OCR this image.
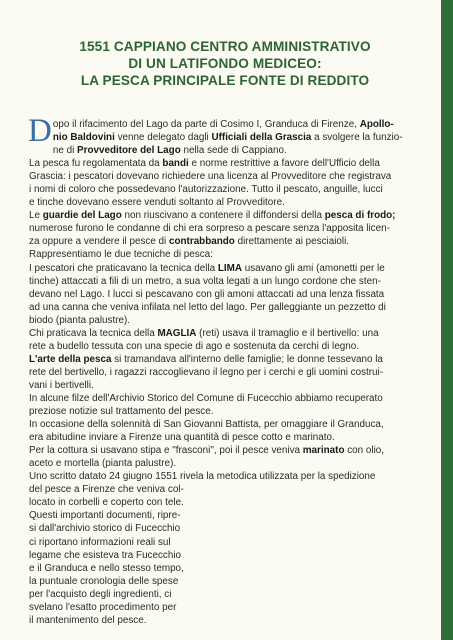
1551 CAPPIANO CENTRO AMMINISTRATIVO
DI UN LATIFONDO MEDICEO:
LA PESCA PRINCIPALE FONTE DI REDDITO
D opo il rifacimento del Lago da parte di Cosimo I, Granduca di Firenze, Apollo-
nio Baldovini venne delegato dagli Ufficiali della Grascia a svolgere la funzio-
ne di Provveditore del Lago nella sede di Cappiano.

La pesca fu regolamentata da bandi e norme restrittive a favore dell'Ufficio della
Grascia: i pescatori dovevano richiedere una licenza al Provveditore che registrava
i nomi di coloro che possedevano l'autorizzazione. Tutto il pescato, anguille, lucci
e tinche dovevano essere venduti soltanto al Provveditore.

Le guardie del Lago non riuscivano a contenere il diffondersi della pesca di frodo;
numerose furono le condanne di chi era sorpreso a pescare senza l'apposita licen-
za oppure a vendere il pesce di contrabbando direttamente ai pesciaioli.
Rappresentiamo le due tecniche di pesca:

I pescatori che praticavano la tecnica della LIMA usavano gli ami (amonetti per le
tinche) attaccati a fili di un metro, a sua volta legati a un lungo cordone che sten-
devano nel Lago. I lucci si pescavano con gli amoni attaccati ad una lenza fissata
ad una canna che veniva infilata nel letto del lago. Per galleggiante un pezzetto di
biodo (pianta palustre).

Chi praticava la tecnica della MAGLIA (reti) usava il tramaglio e il bertivello: una
rete a budello tessuta con una specie di ago e sostenuta da cerchi di legno.

L'arte della pesca si tramandava all'interno delle famiglie; le donne tessevano la
rete del bertivello, i ragazzi raccoglievano il legno per i cerchi e gli uomini costrui-
vani i bertivelli.

In alcune filze dell'Archivio Storico del Comune di Fucecchio abbiamo recuperato
preziose notizie sul trattamento del pesce.

In occasione della solennità di San Giovanni Battista, per omaggiare il Granduca,
era abitudine inviare a Firenze una quantità di pesce cotto e marinato.

Per la cottura si usavano stipa e "frasconi", poi il pesce veniva marinato con olio,
aceto e mortella (pianta palustre).

Uno scritto datato 24 giugno 1551 rivela la metodica utilizzata per la spedizione
del pesce a Firenze che veniva col-
locato in corbelli e coperto con tele.
Questi importanti documenti, ripre-
si dall'archivio storico di Fucecchio
ci riportano informazioni reali sul
legame che esisteva tra Fucecchio
e il Granduca e nello stesso tempo,
la puntuale cronologia delle spese
per l'acquisto degli ingredienti, ci
svelano l'esatto procedimento per
il mantenimento del pesce.
